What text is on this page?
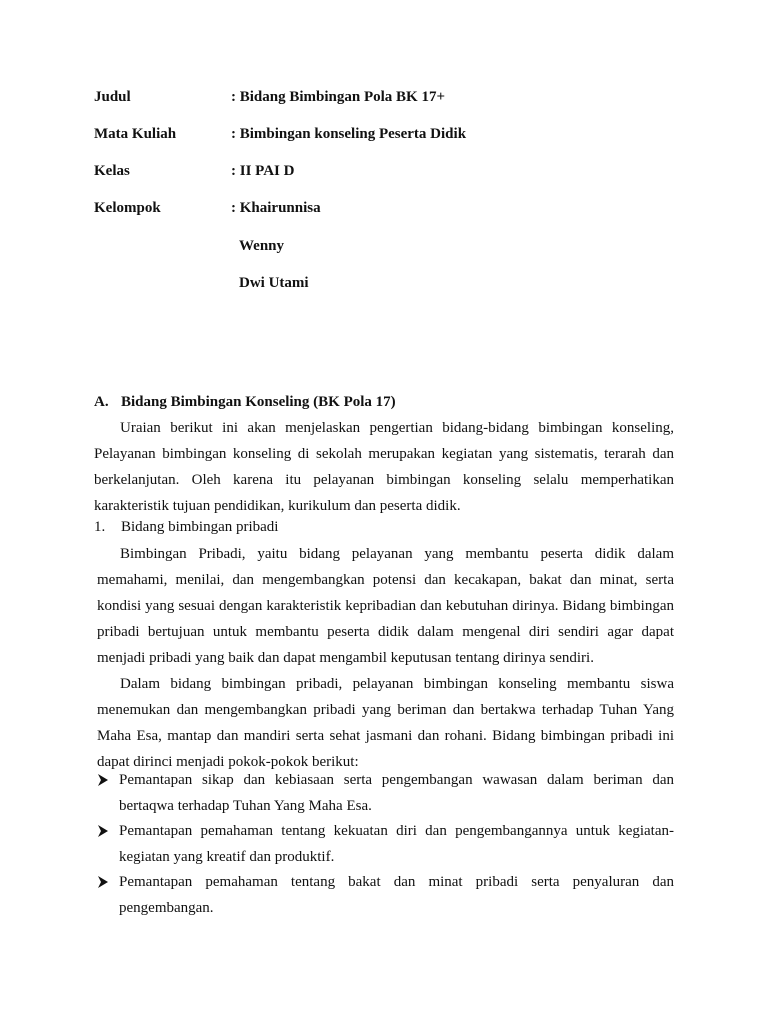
Judul	: Bidang Bimbingan Pola BK 17+
Mata Kuliah	: Bimbingan konseling Peserta Didik
Kelas	: II PAI D
Kelompok	: Khairunnisa
Wenny
Dwi Utami
A. Bidang Bimbingan Konseling (BK Pola 17)

Uraian berikut ini akan menjelaskan pengertian bidang-bidang bimbingan konseling, Pelayanan bimbingan konseling di sekolah merupakan kegiatan yang sistematis, terarah dan berkelanjutan. Oleh karena itu pelayanan bimbingan konseling selalu memperhatikan karakteristik tujuan pendidikan, kurikulum dan peserta didik.

1. Bidang bimbingan pribadi

Bimbingan Pribadi, yaitu bidang pelayanan yang membantu peserta didik dalam memahami, menilai, dan mengembangkan potensi dan kecakapan, bakat dan minat, serta kondisi yang sesuai dengan karakteristik kepribadian dan kebutuhan dirinya. Bidang bimbingan pribadi bertujuan untuk membantu peserta didik dalam mengenal diri sendiri agar dapat menjadi pribadi yang baik dan dapat mengambil keputusan tentang dirinya sendiri.

Dalam bidang bimbingan pribadi, pelayanan bimbingan konseling membantu siswa menemukan dan mengembangkan pribadi yang beriman dan bertakwa terhadap Tuhan Yang Maha Esa, mantap dan mandiri serta sehat jasmani dan rohani. Bidang bimbingan pribadi ini dapat dirinci menjadi pokok-pokok berikut:

Pemantapan sikap dan kebiasaan serta pengembangan wawasan dalam beriman dan bertaqwa terhadap Tuhan Yang Maha Esa.
Pemantapan pemahaman tentang kekuatan diri dan pengembangannya untuk kegiatan-kegiatan yang kreatif dan produktif.
Pemantapan pemahaman tentang bakat dan minat pribadi serta penyaluran dan pengembangan.
